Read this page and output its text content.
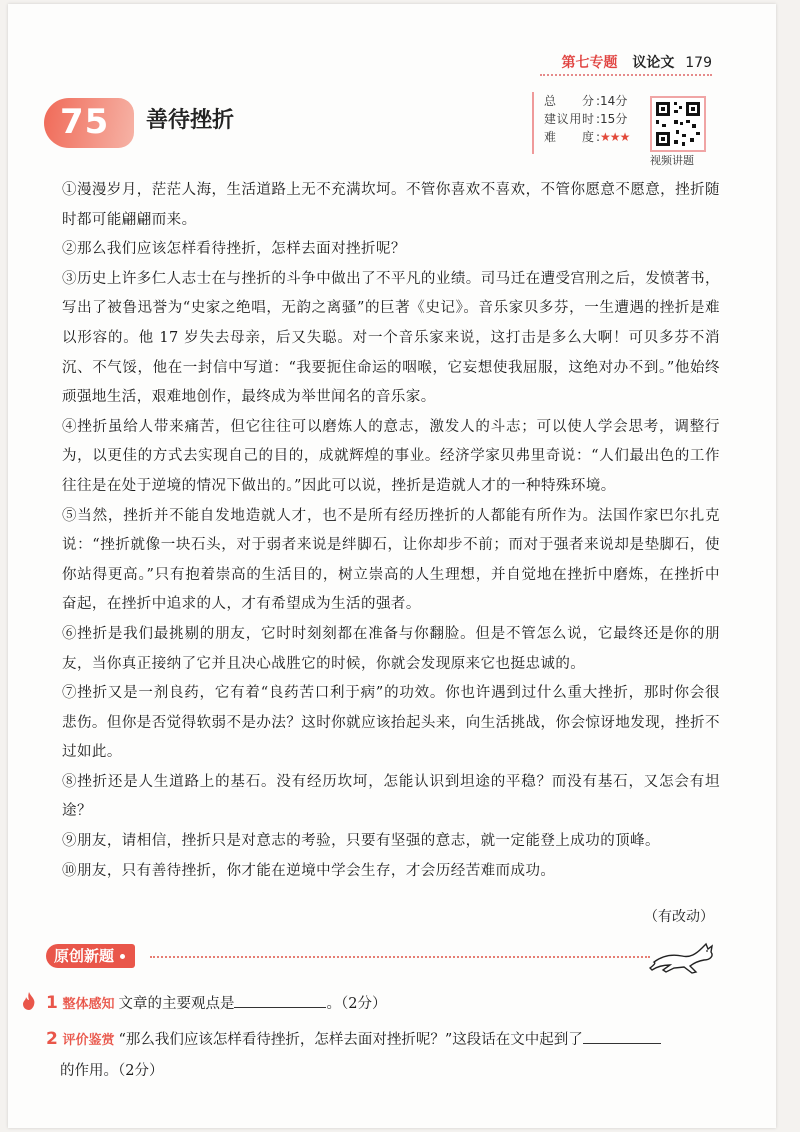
第七专题 议论文 179
75 善待挫折
总 分 :14分
建议用时 :15分
难 度 :★★★
视频讲题

①漫漫岁月，茫茫人海，生活道路上无不充满坎坷。不管你喜欢不喜欢，不管你愿意不愿意，挫折随时都可能翩翩而来。

②那么我们应该怎样看待挫折，怎样去面对挫折呢？

③历史上许多仁人志士在与挫折的斗争中做出了不平凡的业绩。司马迁在遭受宫刑之后，发愤著书，写出了被鲁迅誉为“史家之绝唱，无韵之离骚”的巨著《史记》。音乐家贝多芬，一生遭遇的挫折是难以形容的。他 17 岁失去母亲，后又失聪。对一个音乐家来说，这打击是多么大啊！可贝多芬不消沉、不气馁，他在一封信中写道：“我要扼住命运的咽喉，它妄想使我屈服，这绝对办不到。”他始终顽强地生活，艰难地创作，最终成为举世闻名的音乐家。

④挫折虽给人带来痛苦，但它往往可以磨炼人的意志，激发人的斗志；可以使人学会思考，调整行为，以更佳的方式去实现自己的目的，成就辉煌的事业。经济学家贝弗里奇说：“人们最出色的工作往往是在处于逆境的情况下做出的。”因此可以说，挫折是造就人才的一种特殊环境。

⑤当然，挫折并不能自发地造就人才，也不是所有经历挫折的人都能有所作为。法国作家巴尔扎克说：“挫折就像一块石头，对于弱者来说是绊脚石，让你却步不前；而对于强者来说却是垫脚石，使你站得更高。”只有抱着崇高的生活目的，树立崇高的人生理想，并自觉地在挫折中磨炼，在挫折中奋起，在挫折中追求的人，才有希望成为生活的强者。

⑥挫折是我们最挑剔的朋友，它时时刻刻都在准备与你翻脸。但是不管怎么说，它最终还是你的朋友，当你真正接纳了它并且决心战胜它的时候，你就会发现原来它也挺忠诚的。

⑦挫折又是一剂良药，它有着“良药苦口利于病”的功效。你也许遇到过什么重大挫折，那时你会很悲伤。但你是否觉得软弱不是办法？这时你就应该抬起头来，向生活挑战，你会惊讶地发现，挫折不过如此。

⑧挫折还是人生道路上的基石。没有经历坎坷，怎能认识到坦途的平稳？而没有基石，又怎会有坦途？

⑨朋友，请相信，挫折只是对意志的考验，只要有坚强的意志，就一定能登上成功的顶峰。

⑩朋友，只有善待挫折，你才能在逆境中学会生存，才会历经苦难而成功。

（有改动）
原创新题
1 整体感知 文章的主要观点是	。（2分）
2 评价鉴赏 “那么我们应该怎样看待挫折，怎样去面对挫折呢？”这段话在文中起到了
的作用。（2分）
